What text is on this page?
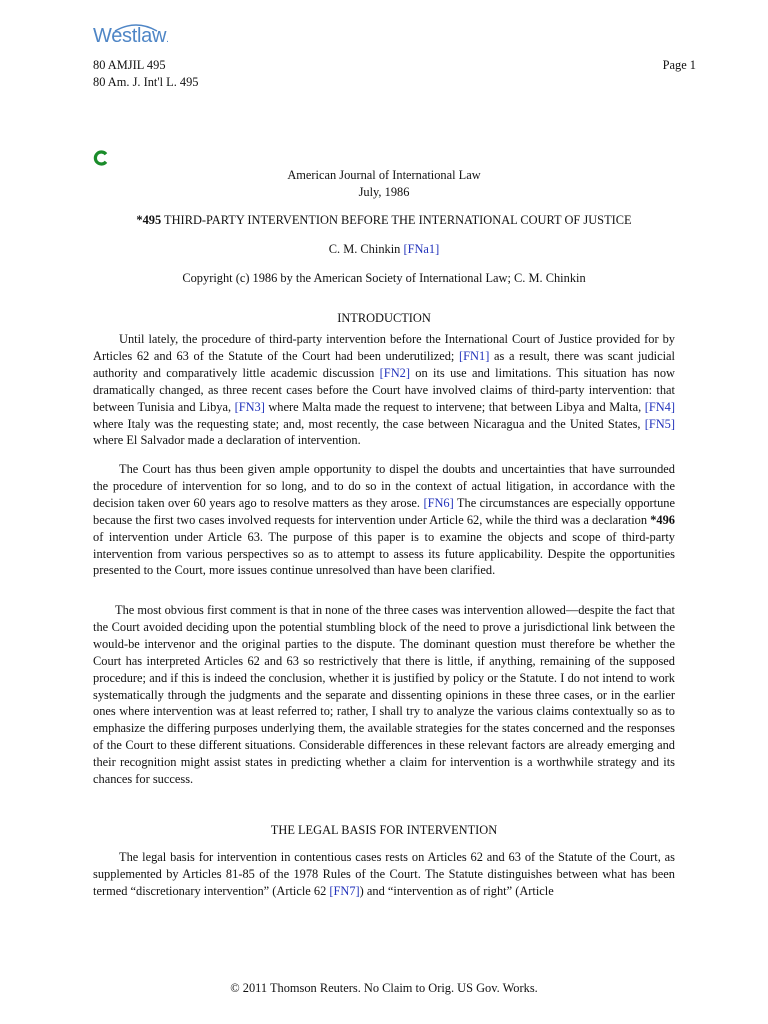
Westlaw.
80 AMJIL 495
80 Am. J. Int'l L. 495
Page 1
American Journal of International Law
July, 1986
*495 THIRD-PARTY INTERVENTION BEFORE THE INTERNATIONAL COURT OF JUSTICE
C. M. Chinkin [FNa1]
Copyright (c) 1986 by the American Society of International Law; C. M. Chinkin
INTRODUCTION

Until lately, the procedure of third-party intervention before the International Court of Justice provided for by Articles 62 and 63 of the Statute of the Court had been underutilized; [FN1] as a result, there was scant judicial authority and comparatively little academic discussion [FN2] on its use and limitations. This situation has now dramatically changed, as three recent cases before the Court have involved claims of third-party intervention: that between Tunisia and Libya, [FN3] where Malta made the request to intervene; that between Libya and Malta, [FN4] where Italy was the requesting state; and, most recently, the case between Nicaragua and the United States, [FN5] where El Salvador made a declaration of intervention.

The Court has thus been given ample opportunity to dispel the doubts and uncertainties that have surrounded the procedure of intervention for so long, and to do so in the context of actual litigation, in accordance with the decision taken over 60 years ago to resolve matters as they arose. [FN6] The circumstances are especially opportune because the first two cases involved requests for intervention under Article 62, while the third was a declaration *496 of intervention under Article 63. The purpose of this paper is to examine the objects and scope of third-party intervention from various perspectives so as to attempt to assess its future applicability. Despite the opportunities presented to the Court, more issues continue unresolved than have been clarified.

The most obvious first comment is that in none of the three cases was intervention allowed—despite the fact that the Court avoided deciding upon the potential stumbling block of the need to prove a jurisdictional link between the would-be intervenor and the original parties to the dispute. The dominant question must therefore be whether the Court has interpreted Articles 62 and 63 so restrictively that there is little, if anything, remaining of the supposed procedure; and if this is indeed the conclusion, whether it is justified by policy or the Statute. I do not intend to work systematically through the judgments and the separate and dissenting opinions in these three cases, or in the earlier ones where intervention was at least referred to; rather, I shall try to analyze the various claims contextually so as to emphasize the differing purposes underlying them, the available strategies for the states concerned and the responses of the Court to these different situations. Considerable differences in these relevant factors are already emerging and their recognition might assist states in predicting whether a claim for intervention is a worthwhile strategy and its chances for success.

THE LEGAL BASIS FOR INTERVENTION

The legal basis for intervention in contentious cases rests on Articles 62 and 63 of the Statute of the Court, as supplemented by Articles 81-85 of the 1978 Rules of the Court. The Statute distinguishes between what has been termed “discretionary intervention” (Article 62 [FN7]) and “intervention as of right” (Article

© 2011 Thomson Reuters. No Claim to Orig. US Gov. Works.
